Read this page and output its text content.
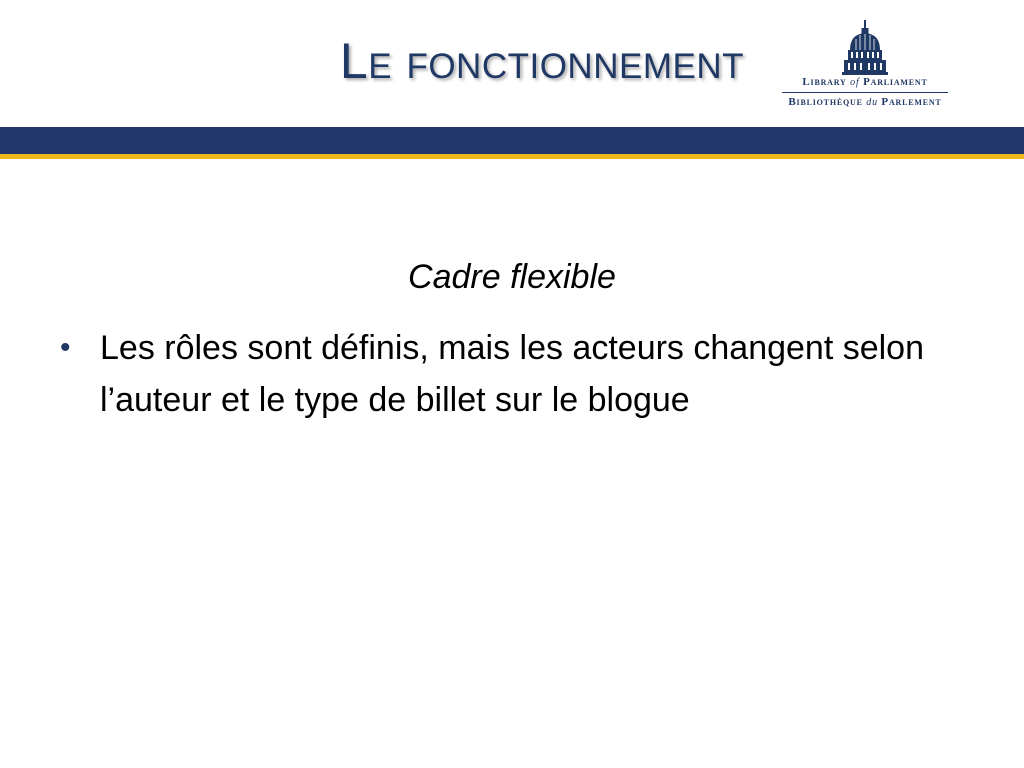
Le fonctionnement	Library of Parliament
Bibliothèque du Parlement
Cadre flexible
• Les rôles sont définis, mais les acteurs changent selon l’auteur et le type de billet sur le blogue
